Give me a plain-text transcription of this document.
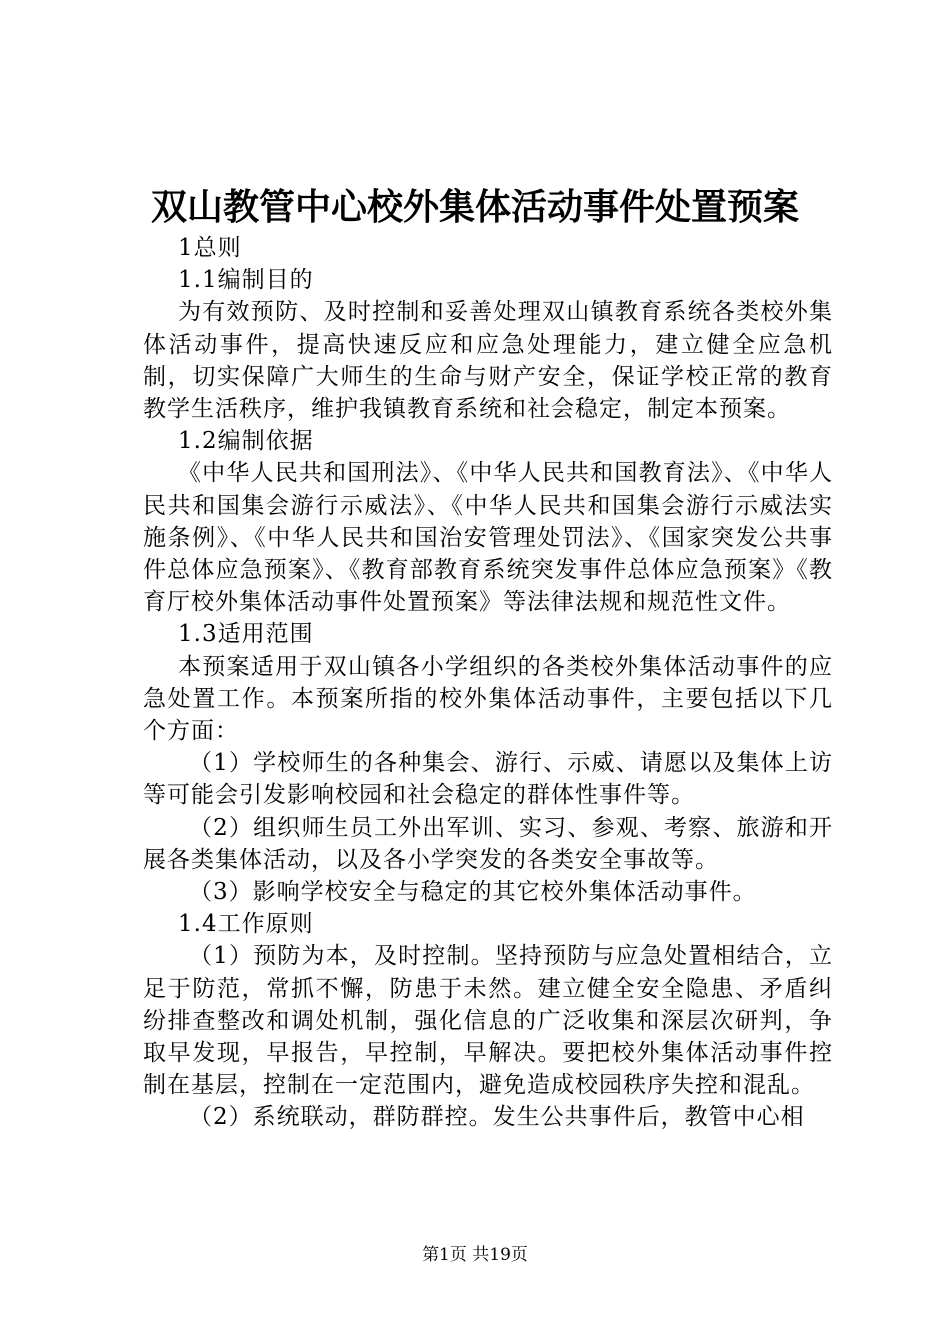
双山教管中心校外集体活动事件处置预案

1总则

1.1编制目的

为有效预防、及时控制和妥善处理双山镇教育系统各类校外集体活动事件，提高快速反应和应急处理能力，建立健全应急机制，切实保障广大师生的生命与财产安全，保证学校正常的教育教学生活秩序，维护我镇教育系统和社会稳定，制定本预案。

1.2编制依据

《中华人民共和国刑法》、《中华人民共和国教育法》、《中华人民共和国集会游行示威法》、《中华人民共和国集会游行示威法实施条例》、《中华人民共和国治安管理处罚法》、《国家突发公共事件总体应急预案》、《教育部教育系统突发事件总体应急预案》《教育厅校外集体活动事件处置预案》等法律法规和规范性文件。

1.3适用范围

本预案适用于双山镇各小学组织的各类校外集体活动事件的应急处置工作。本预案所指的校外集体活动事件，主要包括以下几个方面：

（1）学校师生的各种集会、游行、示威、请愿以及集体上访等可能会引发影响校园和社会稳定的群体性事件等。

（2）组织师生员工外出军训、实习、参观、考察、旅游和开展各类集体活动，以及各小学突发的各类安全事故等。

（3）影响学校安全与稳定的其它校外集体活动事件。

1.4工作原则

（1）预防为本，及时控制。坚持预防与应急处置相结合，立足于防范，常抓不懈，防患于未然。建立健全安全隐患、矛盾纠纷排查整改和调处机制，强化信息的广泛收集和深层次研判，争取早发现，早报告，早控制，早解决。要把校外集体活动事件控制在基层，控制在一定范围内，避免造成校园秩序失控和混乱。

（2）系统联动，群防群控。发生公共事件后，教管中心相

第1页 共19页
